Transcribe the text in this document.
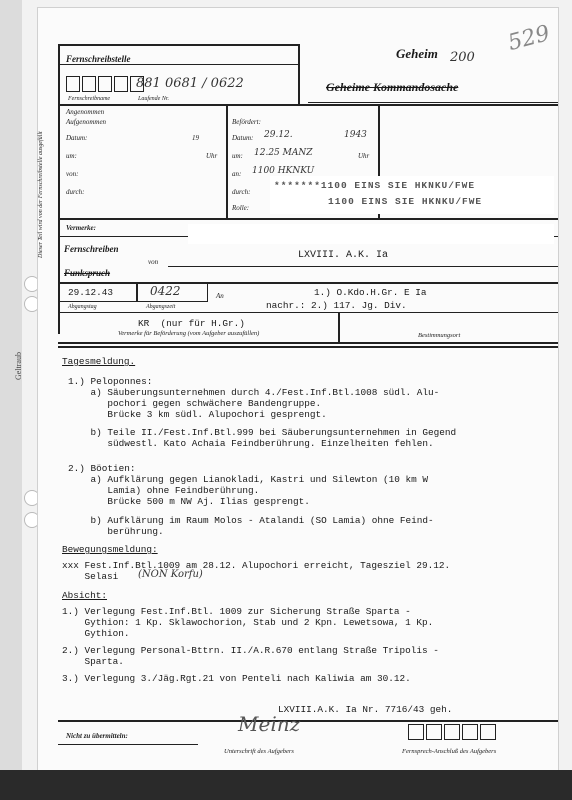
Geltraub
Dieser Teil wird von der Fernschreibstelle ausgefüllt
Fernschreibstelle	Geheim 200
529
Geheime Kommandosache
Fernschreibname	Laufende Nr.
881 0681 / 0622
Angenommen
Aufgenommen
Datum:	19
um:	Uhr
von:
durch:
Befördert:
Datum: 29.12.	1943
um: 12.25 MANZ	Uhr
an: 1100 HKNKU
durch:
Rolle:
*******1100 EINS SIE HKNKU/FWE
1100 EINS SIE HKNKU/FWE
Vermerke:
Fernschreiben
Funkspruch
von
LXVIII. A.K. Ia
29.12.43	0422
Abgangstag	Abgangszeit
An	1.) O.Kdo.H.Gr. E Ia
nachr.: 2.) 117. Jg. Div.
KR  (nur für H.Gr.)
Vermerke für Beförderung (vom Aufgeber auszufüllen)	Bestimmungsort
Tagesmeldung.
1.) Peloponnes:
a) Säuberungsunternehmen durch 4./Fest.Inf.Btl.1008 südl. Alu-
pochori gegen schwächere Bandengruppe.
Brücke 3 km südl. Alupochori gesprengt.
b) Teile II./Fest.Inf.Btl.999 bei Säuberungsunternehmen in Gegend
südwestl. Kato Achaia Feindberührung. Einzelheiten fehlen.
2.) Böotien:
a) Aufklärung gegen Lianokladi, Kastri und Silewton (10 km W
Lamia) ohne Feindberührung.
Brücke 500 m NW Aj. Ilias gesprengt.
b) Aufklärung im Raum Molos - Atalandi (SO Lamia) ohne Feind-
berührung.
Bewegungsmeldung:
xxx Fest.Inf.Btl.1009 am 28.12. Alupochori erreicht, Tagesziel 29.12.
Selasi (NON Korfu)
Absicht:
1.) Verlegung Fest.Inf.Btl. 1009 zur Sicherung Straße Sparta -
Gythion: 1 Kp. Sklawochorion, Stab und 2 Kpn. Lewetsowa, 1 Kp.
Gythion.
2.) Verlegung Personal-Bttrn. II./A.R.670 entlang Straße Tripolis -
Sparta.
3.) Verlegung 3./Jäg.Rgt.21 von Penteli nach Kaliwia am 30.12.
LXVIII.A.K. Ia Nr. 7716/43 geh.
Nicht zu übermitteln:	Meinz
Unterschrift des Aufgebers	Fernsprech-Anschluß des Aufgebers
